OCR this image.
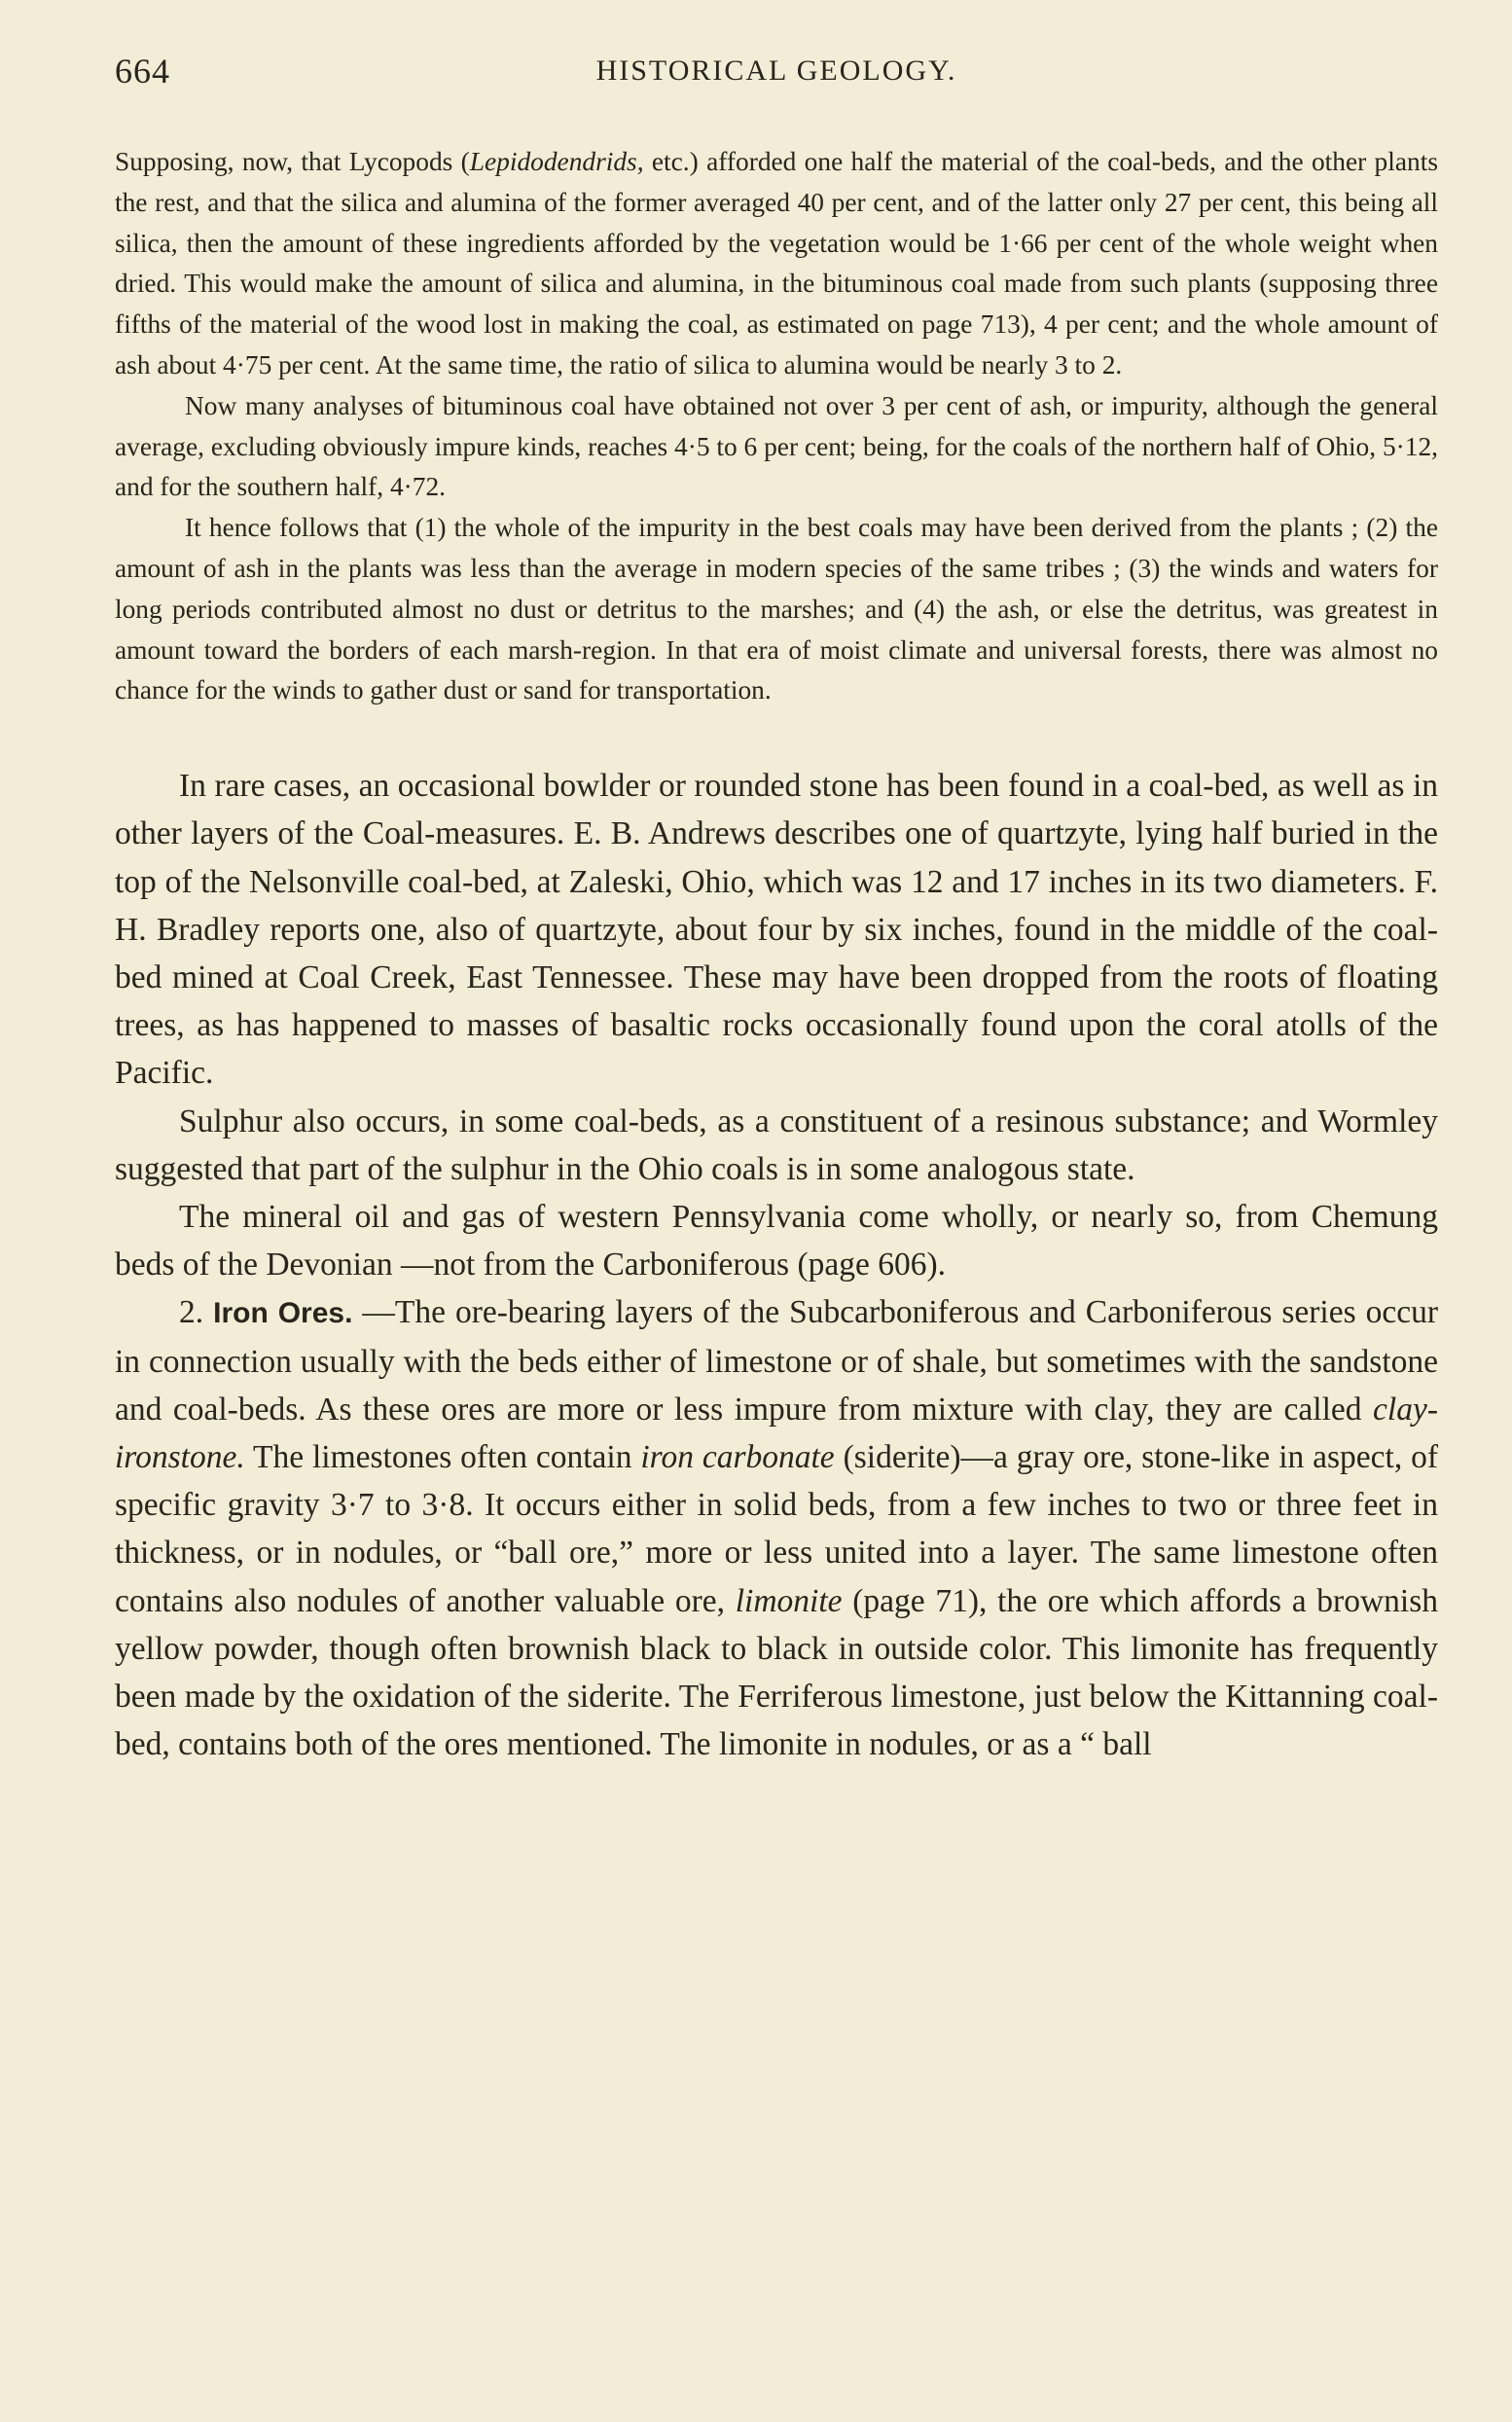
664	HISTORICAL GEOLOGY.

Supposing, now, that Lycopods (Lepidodendrids, etc.) afforded one half the material of the coal-beds, and the other plants the rest, and that the silica and alumina of the former averaged 40 per cent, and of the latter only 27 per cent, this being all silica, then the amount of these ingredients afforded by the vegetation would be 1·66 per cent of the whole weight when dried. This would make the amount of silica and alumina, in the bituminous coal made from such plants (supposing three fifths of the material of the wood lost in making the coal, as estimated on page 713), 4 per cent; and the whole amount of ash about 4·75 per cent. At the same time, the ratio of silica to alumina would be nearly 3 to 2.

Now many analyses of bituminous coal have obtained not over 3 per cent of ash, or impurity, although the general average, excluding obviously impure kinds, reaches 4·5 to 6 per cent; being, for the coals of the northern half of Ohio, 5·12, and for the southern half, 4·72.

It hence follows that (1) the whole of the impurity in the best coals may have been derived from the plants ; (2) the amount of ash in the plants was less than the average in modern species of the same tribes ; (3) the winds and waters for long periods contributed almost no dust or detritus to the marshes; and (4) the ash, or else the detritus, was greatest in amount toward the borders of each marsh-region. In that era of moist climate and universal forests, there was almost no chance for the winds to gather dust or sand for transportation.

In rare cases, an occasional bowlder or rounded stone has been found in a coal-bed, as well as in other layers of the Coal-measures. E. B. Andrews describes one of quartzyte, lying half buried in the top of the Nelsonville coal-bed, at Zaleski, Ohio, which was 12 and 17 inches in its two diameters. F. H. Bradley reports one, also of quartzyte, about four by six inches, found in the middle of the coal-bed mined at Coal Creek, East Tennessee. These may have been dropped from the roots of floating trees, as has happened to masses of basaltic rocks occasionally found upon the coral atolls of the Pacific.

Sulphur also occurs, in some coal-beds, as a constituent of a resinous substance; and Wormley suggested that part of the sulphur in the Ohio coals is in some analogous state.

The mineral oil and gas of western Pennsylvania come wholly, or nearly so, from Chemung beds of the Devonian —not from the Carboniferous (page 606).

2. Iron Ores. —The ore-bearing layers of the Subcarboniferous and Carboniferous series occur in connection usually with the beds either of limestone or of shale, but sometimes with the sandstone and coal-beds. As these ores are more or less impure from mixture with clay, they are called clay-ironstone. The limestones often contain iron carbonate (siderite)—a gray ore, stone-like in aspect, of specific gravity 3·7 to 3·8. It occurs either in solid beds, from a few inches to two or three feet in thickness, or in nodules, or “ball ore,” more or less united into a layer. The same limestone often contains also nodules of another valuable ore, limonite (page 71), the ore which affords a brownish yellow powder, though often brownish black to black in outside color. This limonite has frequently been made by the oxidation of the siderite. The Ferriferous limestone, just below the Kittanning coal-bed, contains both of the ores mentioned. The limonite in nodules, or as a “ ball
